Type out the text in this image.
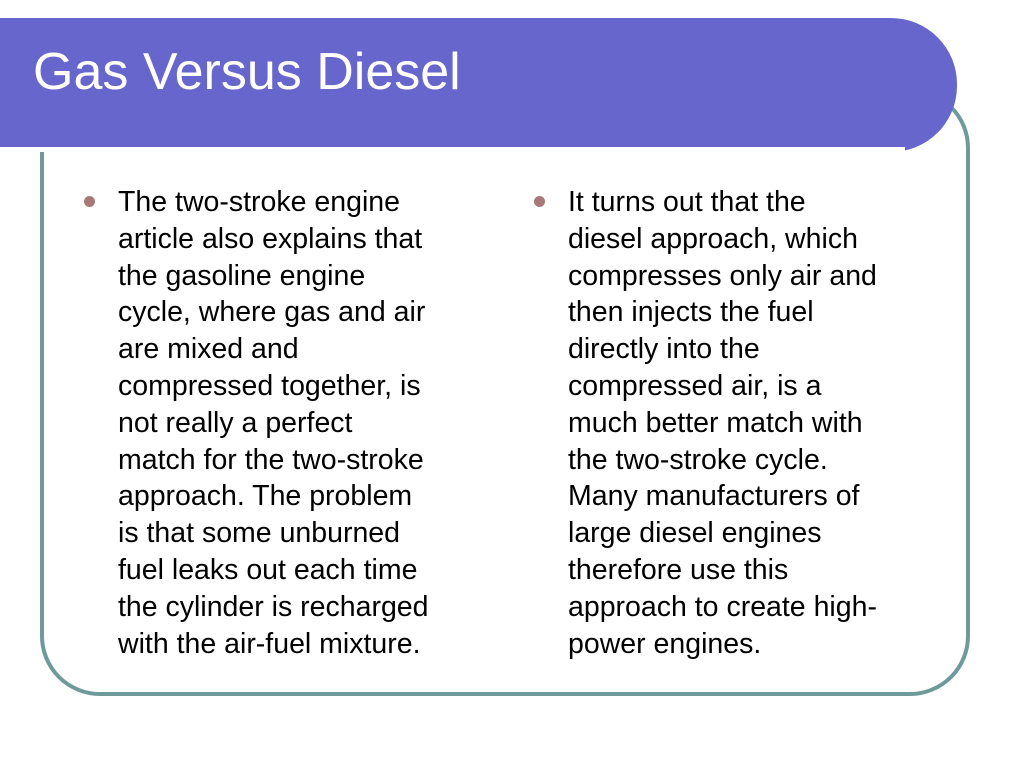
Gas Versus Diesel

The two-stroke engine
article also explains that
the gasoline engine
cycle, where gas and air
are mixed and
compressed together, is
not really a perfect
match for the two-stroke
approach. The problem
is that some unburned
fuel leaks out each time
the cylinder is recharged
with the air-fuel mixture.

It turns out that the
diesel approach, which
compresses only air and
then injects the fuel
directly into the
compressed air, is a
much better match with
the two-stroke cycle.
Many manufacturers of
large diesel engines
therefore use this
approach to create high-
power engines.
